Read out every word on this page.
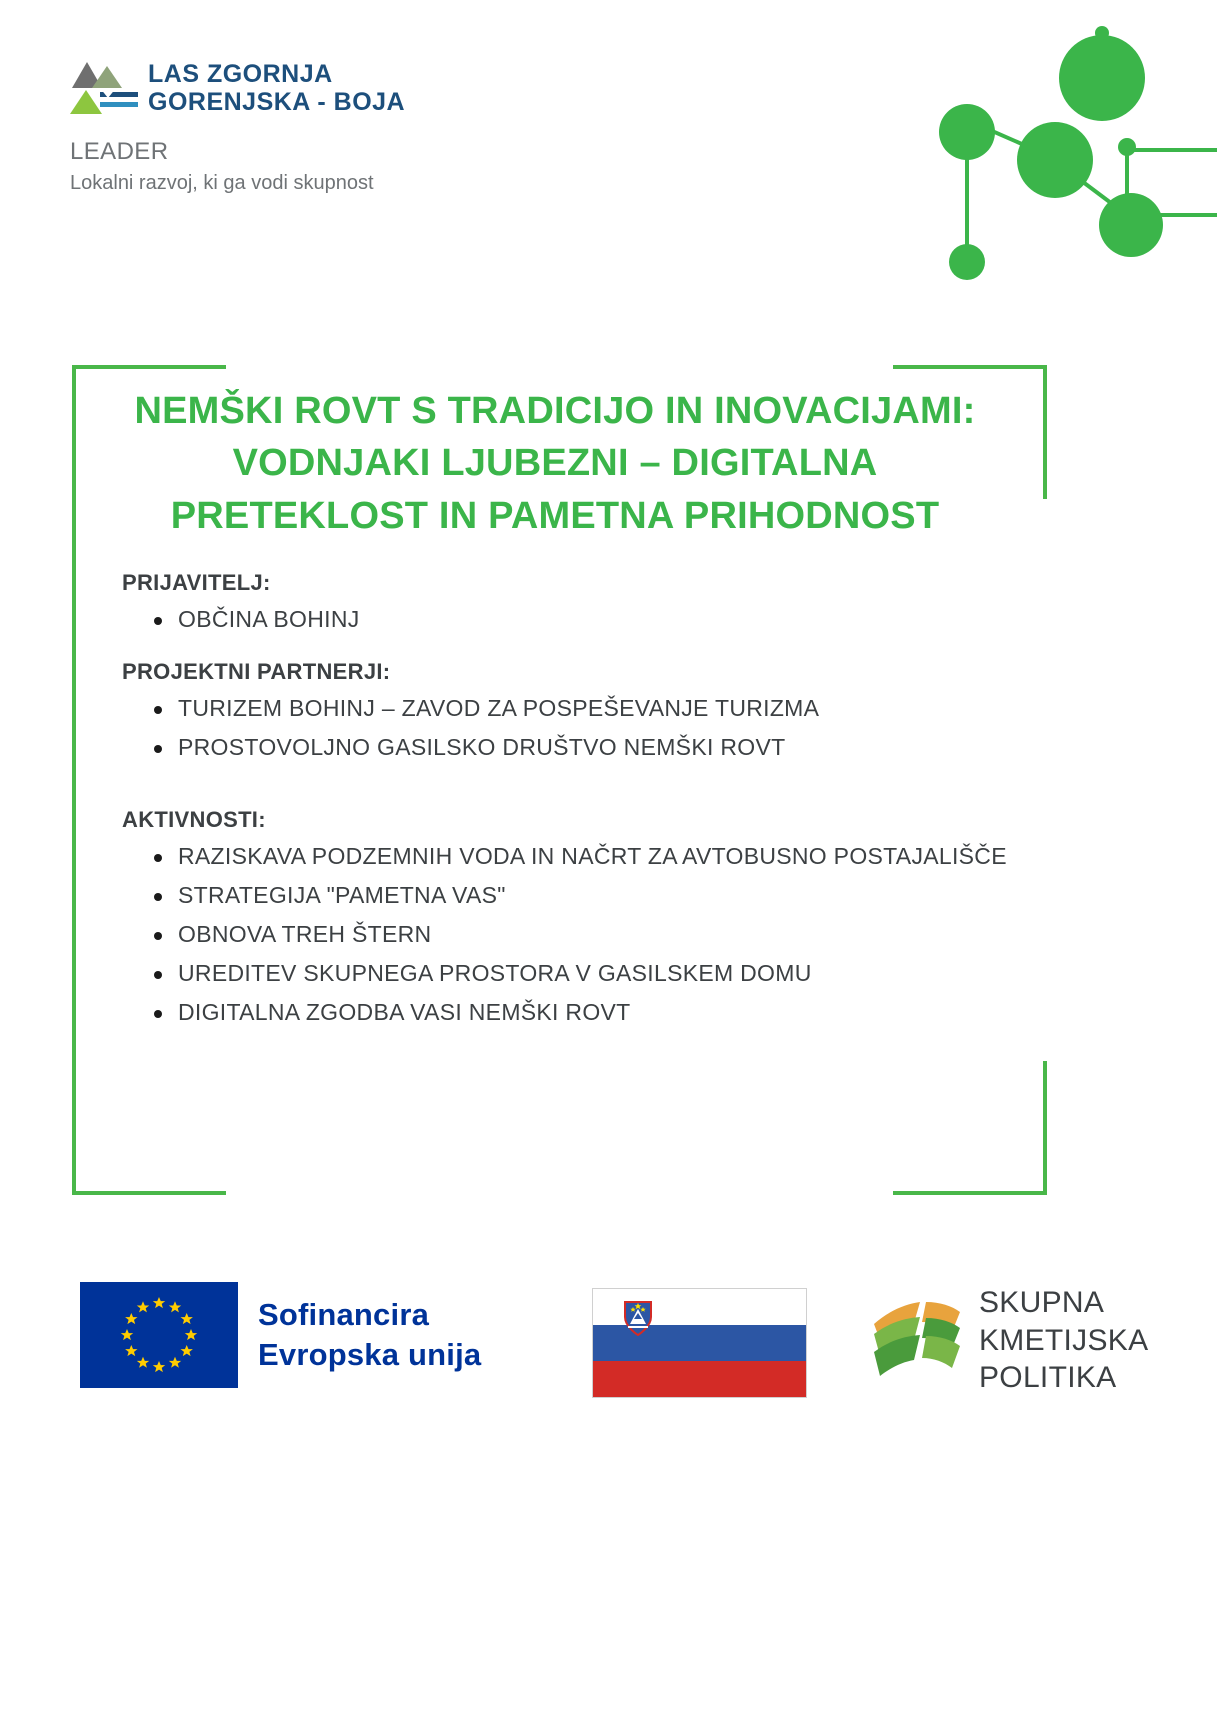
LAS ZGORNJA
GORENJSKA - BOJA
LEADER
Lokalni razvoj, ki ga vodi skupnost
NEMŠKI ROVT S TRADICIJO IN INOVACIJAMI: VODNJAKI LJUBEZNI – DIGITALNA PRETEKLOST IN PAMETNA PRIHODNOST
PRIJAVITELJ:
OBČINA BOHINJ
PROJEKTNI PARTNERJI:
TURIZEM BOHINJ – ZAVOD ZA POSPEŠEVANJE TURIZMA
PROSTOVOLJNO GASILSKO DRUŠTVO NEMŠKI ROVT
AKTIVNOSTI:
RAZISKAVA PODZEMNIH VODA IN NAČRT ZA AVTOBUSNO POSTAJALIŠČE
STRATEGIJA "PAMETNA VAS"
OBNOVA TREH ŠTERN
UREDITEV SKUPNEGA PROSTORA V GASILSKEM DOMU
DIGITALNA ZGODBA VASI NEMŠKI ROVT
Sofinancira
Evropska unija
SKUPNA
KMETIJSKA
POLITIKA
